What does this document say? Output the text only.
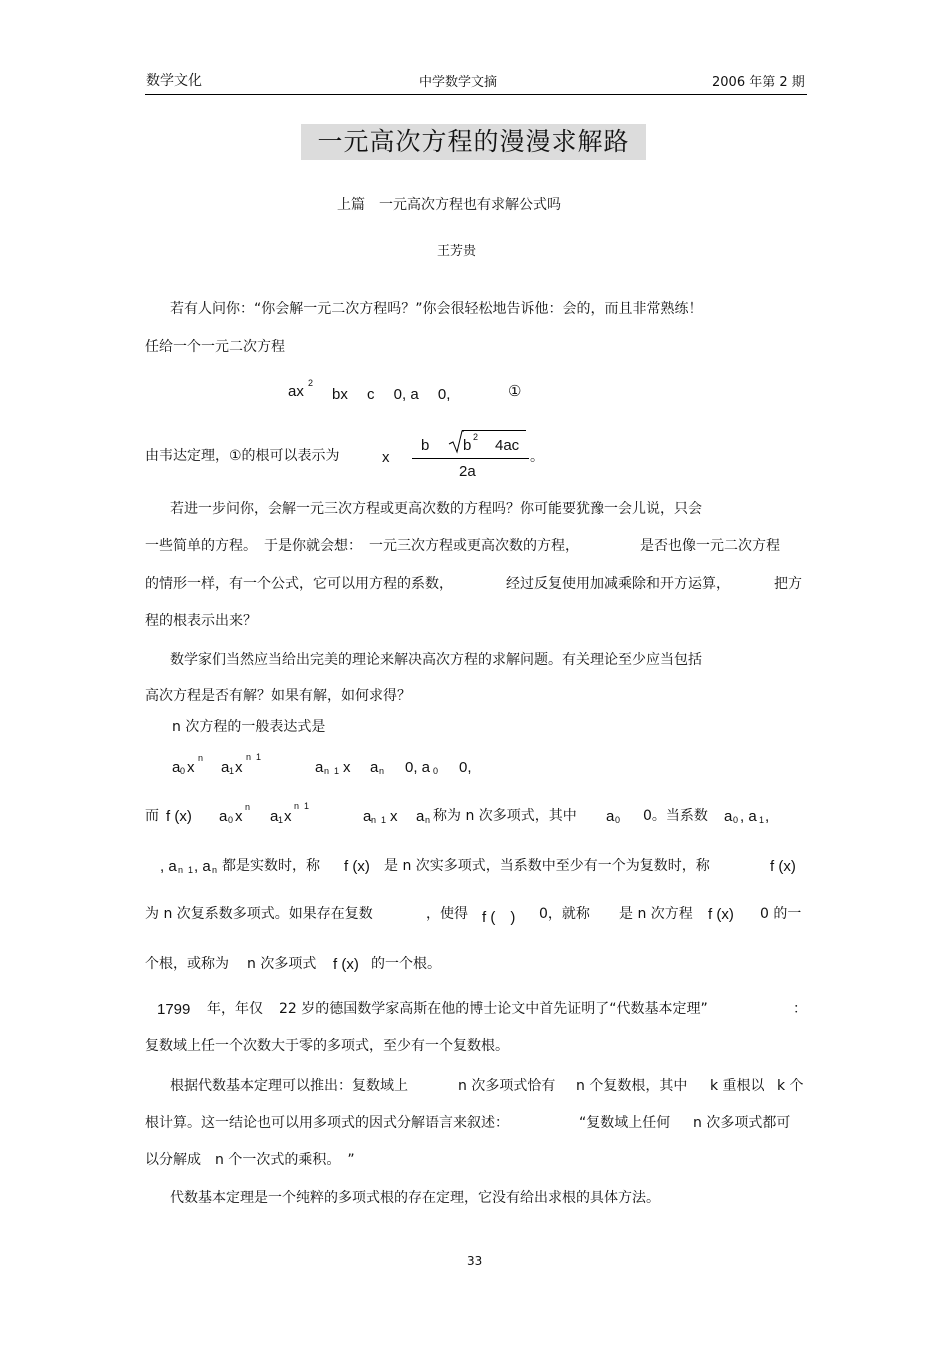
数学文化	中学数学文摘	2006 年第 2 期
一元高次方程的漫漫求解路
上篇　一元高次方程也有求解公式吗
王芳贵
若有人问你：“你会解一元二次方程吗？”你会很轻松地告诉他：会的，而且非常熟练！
任给一个一元二次方程
ax 2
bx　 c　 0, a　 0,	①
由韦达定理，①的根可以表示为	x
b b 2 4ac
2a
。
若进一步问你，会解一元三次方程或更高次数的方程吗？你可能要犹豫一会儿说，只会
一些简单的方程。　于是你就会想：　一元三次方程或更高次数的方程，	是否也像一元二次方程
的情形一样，有一个公式，它可以用方程的系数，	经过反复使用加减乘除和开方运算，	把方
程的根表示出来？
数学家们当然应当给出完美的理论来解决高次方程的求解问题。有关理论至少应当包括
高次方程是否有解？如果有解，如何求得？
n 次方程的一般表达式是
a 0 x
n
a 1 x
n  1
a n  1 x a n 0, a 0 0,
而 f (x) a 0 x
n
a 1 x
n  1
a n  1 x a n 称为 n 次多项式，其中 a 0 0。当系数 a 0 , a 1 ,
, a n  1 , a n 都是实数时，称 f (x) 是 n 次实多项式，当系数中至少有一个为复数时，称	f (x)
为 n 次复系数多项式。如果存在复数	，使得 f (　) 0，就称 是 n 次方程 f (x) 0 的一
个根，或称为 n 次多项式 f (x) 的一个根。
1799 年，年仅 22 岁的德国数学家高斯在他的博士论文中首先证明了“代数基本定理”	：
复数域上任一个次数大于零的多项式，至少有一个复数根。
根据代数基本定理可以推出：复数域上	n 次多项式恰有 n 个复数根，其中 k 重根以 k 个
根计算。这一结论也可以用多项式的因式分解语言来叙述：	“复数域上任何 n 次多项式都可
以分解成　n 个一次式的乘积。　”
代数基本定理是一个纯粹的多项式根的存在定理，它没有给出求根的具体方法。
33
